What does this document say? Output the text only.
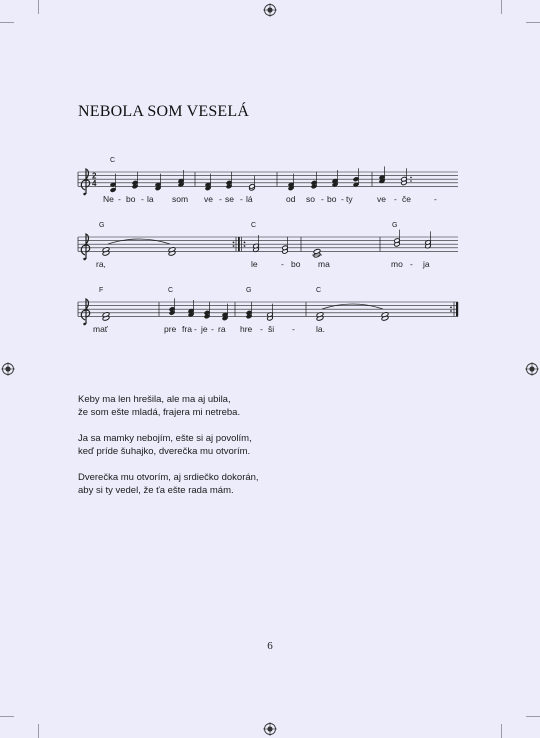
NEBOLA SOM VESELÁ
2
4
C
G	C	G
F	C	G	C
Ne - bo - la som ve - se - lá	od so - bo - ty	ve - če	-
ra,	le	- bo ma	mo - ja
mať	pre fra - je - ra hre - ši - la.

Keby ma len hrešila, ale ma aj ubila,
že som ešte mladá, frajera mi netreba.

Ja sa mamky nebojím, ešte si aj povolím,
keď príde šuhajko, dverečka mu otvorím.

Dverečka mu otvorím, aj srdiečko dokorán,
aby si ty vedel, že ťa ešte rada mám.

6
